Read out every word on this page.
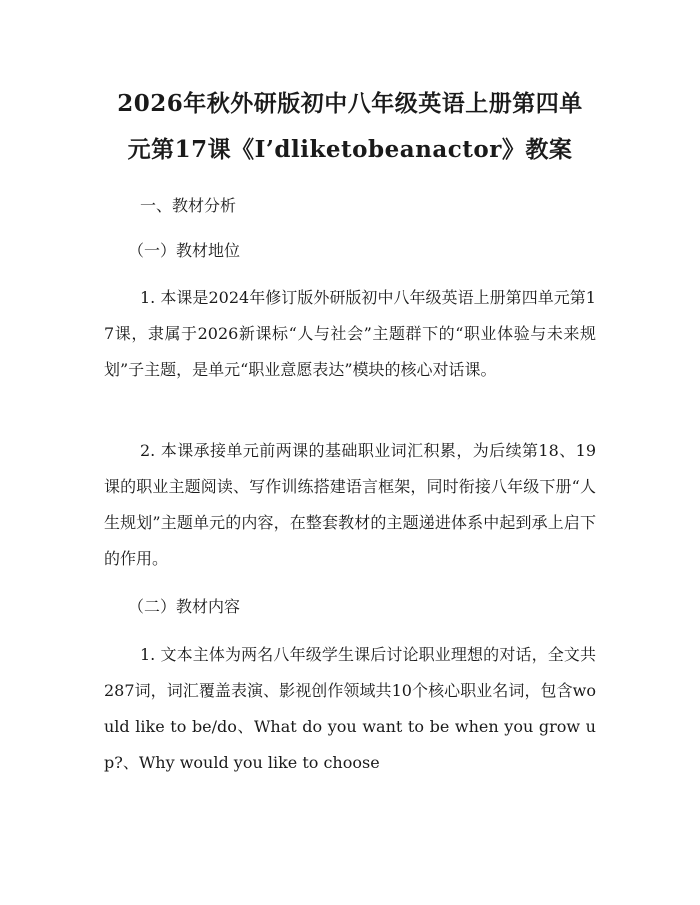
2026年秋外研版初中八年级英语上册第四单
元第17课《I’dliketobeanactor》教案
一、教材分析
（一）教材地位
1. 本课是2024年修订版外研版初中八年级英语上册第四单元第17课，隶属于2026新课标“人与社会”主题群下的“职业体验与未来规划”子主题，是单元“职业意愿表达”模块的核心对话课。
2. 本课承接单元前两课的基础职业词汇积累，为后续第18、19课的职业主题阅读、写作训练搭建语言框架，同时衔接八年级下册“人生规划”主题单元的内容，在整套教材的主题递进体系中起到承上启下的作用。
（二）教材内容
1. 文本主体为两名八年级学生课后讨论职业理想的对话，全文共287词，词汇覆盖表演、影视创作领域共10个核心职业名词，包含would like to be/do、What do you want to be when you grow up?、Why would you like to choose
